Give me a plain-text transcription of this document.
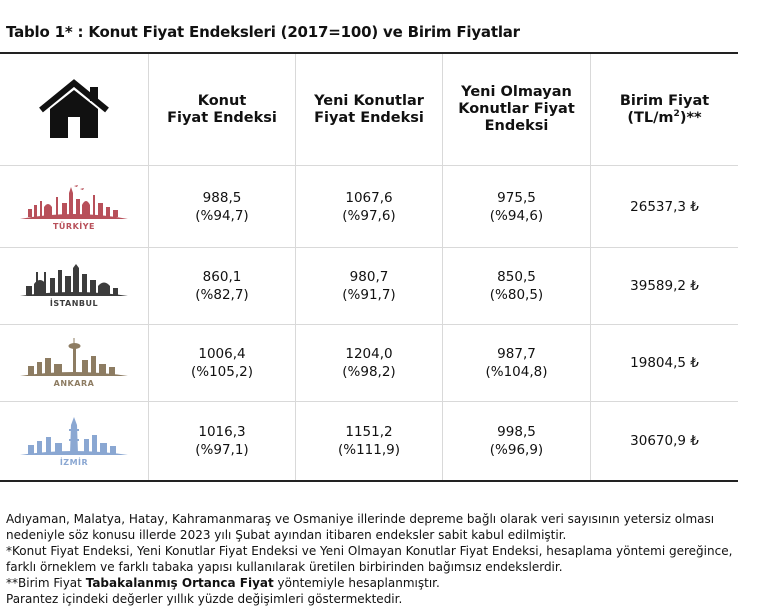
Tablo 1* : Konut Fiyat Endeksleri (2017=100) ve Birim Fiyatlar
Konut
Fiyat Endeksi
Yeni Konutlar
Fiyat Endeksi
Yeni Olmayan
Konutlar Fiyat
Endeksi
Birim Fiyat
$(TL/m^2)**$
TÜRKİYE
988,5
(%94,7)
1067,6
(%97,6)
975,5
(%94,6)
26537,3 ₺
İSTANBUL
860,1
(%82,7)
980,7
(%91,7)
850,5
(%80,5)
39589,2 ₺
ANKARA
1006,4
(%105,2)
1204,0
(%98,2)
987,7
(%104,8)
19804,5 ₺
İZMİR
1016,3
(%97,1)
1151,2
(%111,9)
998,5
(%96,9)
30670,9 ₺

Adıyaman, Malatya, Hatay, Kahramanmaraş ve Osmaniye illerinde depreme bağlı olarak veri sayısının yetersiz olması nedeniyle söz konusu illerde 2023 yılı Şubat ayından itibaren endeksler sabit kabul edilmiştir.

*Konut Fiyat Endeksi, Yeni Konutlar Fiyat Endeksi ve Yeni Olmayan Konutlar Fiyat Endeksi, hesaplama yöntemi gereğince, farklı örneklem ve farklı tabaka yapısı kullanılarak üretilen birbirinden bağımsız endekslerdir.

**Birim Fiyat Tabakalanmış Ortanca Fiyat yöntemiyle hesaplanmıştır.

Parantez içindeki değerler yıllık yüzde değişimleri göstermektedir.
